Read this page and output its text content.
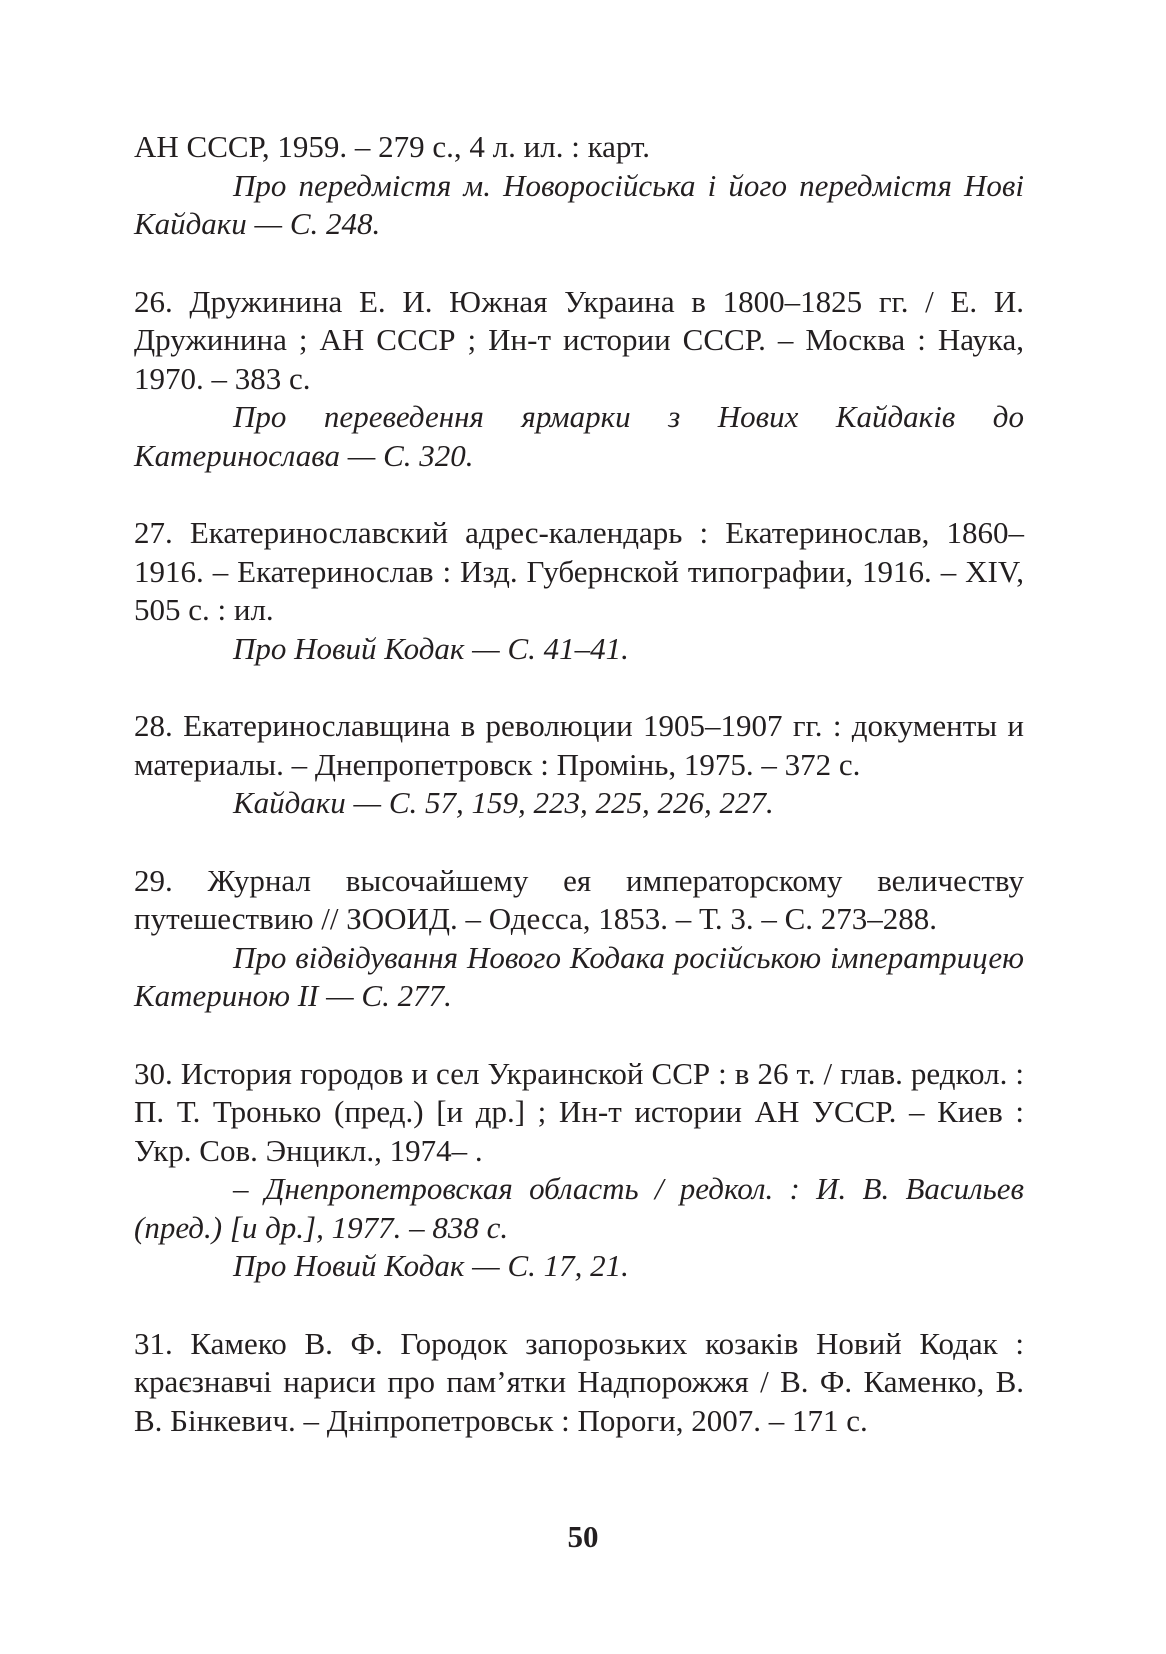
АН СССР, 1959. – 279 с., 4 л. ил. : карт.

Про передмістя м. Новоросійська і його передмістя Нові Кайдаки — С. 248.

26. Дружинина Е. И. Южная Украина в 1800–1825 гг. / Е. И. Дружинина ; АН СССР ; Ин-т истории СССР. – Москва : Наука, 1970. – 383 с.

Про переведення ярмарки з Нових Кайдаків до Катеринослава — С. 320.

27. Екатеринославский адрес-календарь : Екатеринослав, 1860–1916. – Екатеринослав : Изд. Губернской типографии, 1916. – XIV, 505 с. : ил.

Про Новий Кодак — С. 41–41.

28. Екатеринославщина в революции 1905–1907 гг. : документы и материалы. – Днепропетровск : Промінь, 1975. – 372 с.

Кайдаки — С. 57, 159, 223, 225, 226, 227.

29. Журнал высочайшему ея императорскому величеству путешествию // ЗООИД. – Одесса, 1853. – Т. 3. – С. 273–288.

Про відвідування Нового Кодака російською імператрицею Катериною II — С. 277.

30. История городов и сел Украинской ССР : в 26 т. / глав. редкол. : П. Т. Тронько (пред.) [и др.] ; Ин-т истории АН УССР. – Киев : Укр. Сов. Энцикл., 1974– .

– Днепропетровская область / редкол. : И. В. Васильев (пред.) [и др.], 1977. – 838 с.

Про Новий Кодак — С. 17, 21.

31. Камеко В. Ф. Городок запорозьких козаків Новий Кодак : краєзнавчі нариси про пам’ятки Надпорожжя / В. Ф. Каменко, В. В. Бінкевич. – Дніпропетровськ : Пороги, 2007. – 171 с.

50
